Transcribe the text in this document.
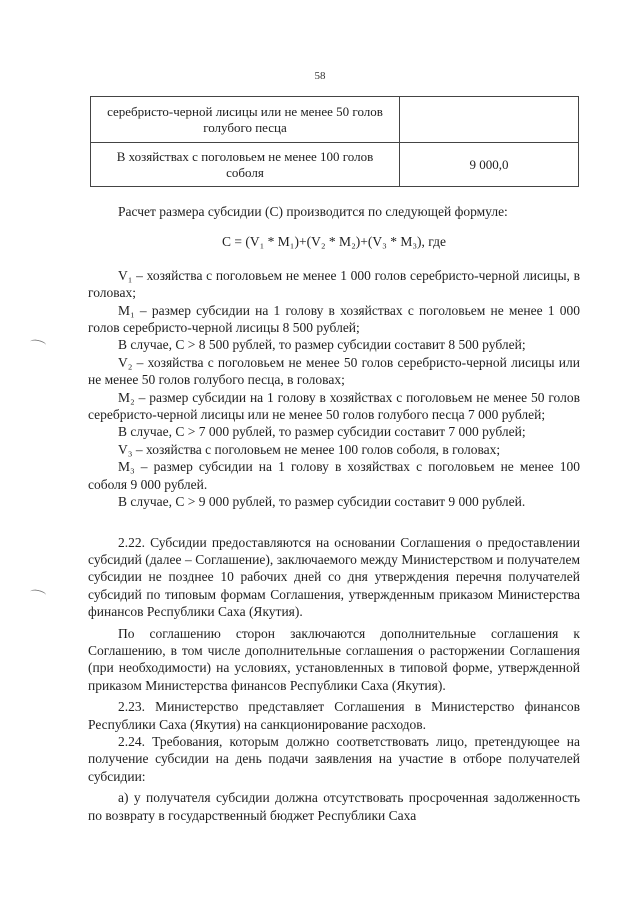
58
серебристо-черной лисицы или не менее 50 голов голубого песца	
В хозяйствах с поголовьем не менее 100 голов соболя	9 000,0

Расчет размера субсидии (С) производится по следующей формуле:

С = (V₁ * M₁)+(V₂ * M₂)+(V₃ * M₃), где

V₁ – хозяйства с поголовьем не менее 1 000 голов серебристо-черной лисицы, в головах;

M₁ – размер субсидии на 1 голову в хозяйствах с поголовьем не менее 1 000 голов серебристо-черной лисицы 8 500 рублей;

В случае, С > 8 500 рублей, то размер субсидии составит 8 500 рублей;

V₂ – хозяйства с поголовьем не менее 50 голов серебристо-черной лисицы или не менее 50 голов голубого песца, в головах;

M₂ – размер субсидии на 1 голову в хозяйствах с поголовьем не менее 50 голов серебристо-черной лисицы или не менее 50 голов голубого песца 7 000 рублей;

В случае, С > 7 000 рублей, то размер субсидии составит 7 000 рублей;

V₃ – хозяйства с поголовьем не менее 100 голов соболя, в головах;

M₃ – размер субсидии на 1 голову в хозяйствах с поголовьем не менее 100 соболя 9 000 рублей.

В случае, С > 9 000 рублей, то размер субсидии составит 9 000 рублей.

2.22. Субсидии предоставляются на основании Соглашения о предоставлении субсидий (далее – Соглашение), заключаемого между Министерством и получателем субсидии не позднее 10 рабочих дней со дня утверждения перечня получателей субсидий по типовым формам Соглашения, утвержденным приказом Министерства финансов Республики Саха (Якутия).

По соглашению сторон заключаются дополнительные соглашения к Соглашению, в том числе дополнительные соглашения о расторжении Соглашения (при необходимости) на условиях, установленных в типовой форме, утвержденной приказом Министерства финансов Республики Саха (Якутия).

2.23. Министерство представляет Соглашения в Министерство финансов Республики Саха (Якутия) на санкционирование расходов.

2.24. Требования, которым должно соответствовать лицо, претендующее на получение субсидии на день подачи заявления на участие в отборе получателей субсидии:

а) у получателя субсидии должна отсутствовать просроченная задолженность по возврату в государственный бюджет Республики Саха
